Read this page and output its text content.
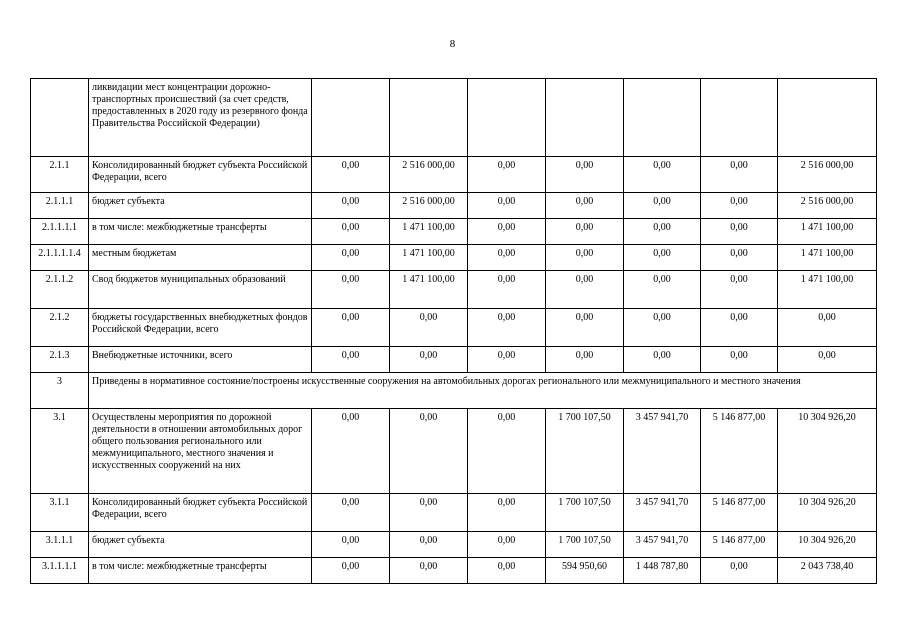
8
	ликвидации мест концентрации дорожно-транспортных происшествий (за счет средств, предоставленных в 2020 году из резервного фонда Правительства Российской Федерации)							
2.1.1	Консолидированный бюджет субъекта Российской Федерации, всего	0,00	2 516 000,00	0,00	0,00	0,00	0,00	2 516 000,00
2.1.1.1	бюджет субъекта	0,00	2 516 000,00	0,00	0,00	0,00	0,00	2 516 000,00
2.1.1.1.1	в том числе: межбюджетные трансферты	0,00	1 471 100,00	0,00	0,00	0,00	0,00	1 471 100,00
2.1.1.1.1.4	местным бюджетам	0,00	1 471 100,00	0,00	0,00	0,00	0,00	1 471 100,00
2.1.1.2	Свод бюджетов муниципальных образований	0,00	1 471 100,00	0,00	0,00	0,00	0,00	1 471 100,00
2.1.2	бюджеты государственных внебюджетных фондов Российской Федерации, всего	0,00	0,00	0,00	0,00	0,00	0,00	0,00
2.1.3	Внебюджетные источники, всего	0,00	0,00	0,00	0,00	0,00	0,00	0,00
3	Приведены в нормативное состояние/построены искусственные сооружения на автомобильных дорогах регионального или межмуниципального и местного значения							
3.1	Осуществлены мероприятия по дорожной деятельности в отношении автомобильных дорог общего пользования регионального или межмуниципального, местного значения и искусственных сооружений на них	0,00	0,00	0,00	1 700 107,50	3 457 941,70	5 146 877,00	10 304 926,20
3.1.1	Консолидированный бюджет субъекта Российской Федерации, всего	0,00	0,00	0,00	1 700 107,50	3 457 941,70	5 146 877,00	10 304 926,20
3.1.1.1	бюджет субъекта	0,00	0,00	0,00	1 700 107,50	3 457 941,70	5 146 877,00	10 304 926,20
3.1.1.1.1	в том числе: межбюджетные трансферты	0,00	0,00	0,00	594 950,60	1 448 787,80	0,00	2 043 738,40
